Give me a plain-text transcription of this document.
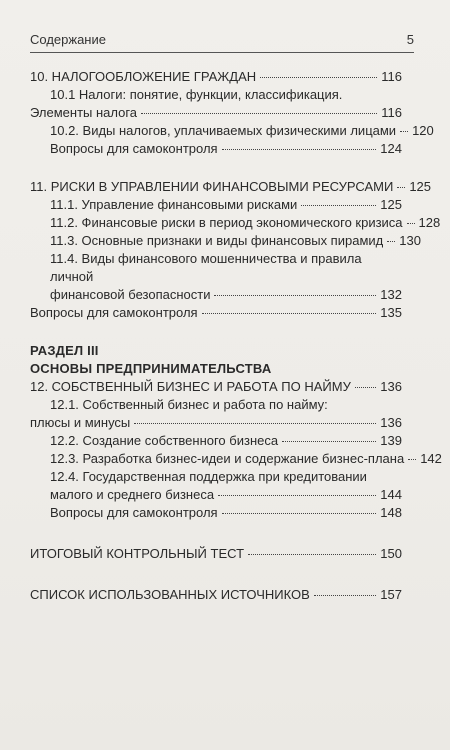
Содержание	5
10. НАЛОГООБЛОЖЕНИЕ ГРАЖДАН	116
10.1 Налоги: понятие, функции, классификация.
Элементы налога	116
10.2. Виды налогов, уплачиваемых физическими лицами 120
Вопросы для самоконтроля	124
11. РИСКИ В УПРАВЛЕНИИ ФИНАНСОВЫМИ РЕСУРСАМИ 125
11.1. Управление финансовыми рисками	125
11.2. Финансовые риски в период экономического кризиса 128
11.3. Основные признаки и виды финансовых пирамид 130
11.4. Виды финансового мошенничества и правила личной
финансовой безопасности	132
Вопросы для самоконтроля	135
РАЗДЕЛ III
ОСНОВЫ ПРЕДПРИНИМАТЕЛЬСТВА
12. СОБСТВЕННЫЙ БИЗНЕС И РАБОТА ПО НАЙМУ 136
12.1. Собственный бизнес и работа по найму:
плюсы и минусы	136
12.2. Создание собственного бизнеса	139
12.3. Разработка бизнес-идеи и содержание бизнес-плана 142
12.4. Государственная поддержка при кредитовании
малого и среднего бизнеса	144
Вопросы для самоконтроля	148
ИТОГОВЫЙ КОНТРОЛЬНЫЙ ТЕСТ	150
СПИСОК ИСПОЛЬЗОВАННЫХ ИСТОЧНИКОВ	157
